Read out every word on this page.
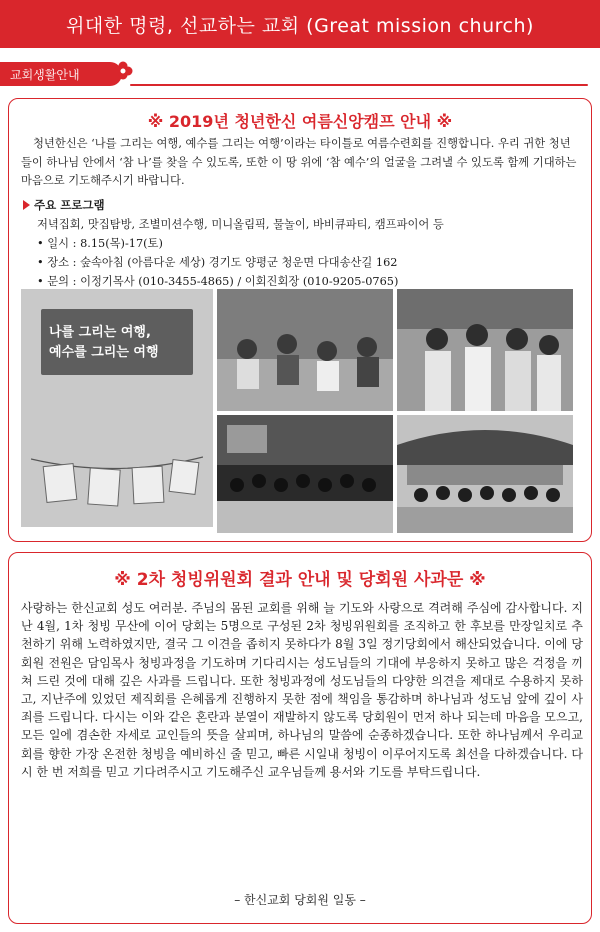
위대한 명령, 선교하는 교회 (Great mission church)
교회생활안내
※ 2019년 청년한신 여름신앙캠프 안내 ※
청년한신은 ‘나를 그리는 여행, 예수를 그리는 여행’이라는 타이틀로 여름수련회를 진행합니다. 우리 귀한 청년들이 하나님 안에서 ‘참 나’를 찾을 수 있도록, 또한 이 땅 위에 ‘참 예수’의 얼굴을 그려낼 수 있도록 함께 기대하는 마음으로 기도해주시기 바랍니다.
주요 프로그램
저녁집회, 맛집탐방, 조별미션수행, 미니올림픽, 물놀이, 바비큐파티, 캠프파이어 등
• 일시 : 8.15(목)-17(토)
• 장소 : 숲속아침 (아름다운 세상) 경기도 양평군 청운면 다대송산길 162
• 문의 : 이정기목사 (010-3455-4865) / 이회진회장 (010-9205-0765)
나를 그리는 여행,
예수를 그리는 여행
※ 2차 청빙위원회 결과 안내 및 당회원 사과문 ※
사랑하는 한신교회 성도 여러분. 주님의 몸된 교회를 위해 늘 기도와 사랑으로 격려해 주심에 감사합니다. 지난 4월, 1차 청빙 무산에 이어 당회는 5명으로 구성된 2차 청빙위원회를 조직하고 한 후보를 만장일치로 추천하기 위해 노력하였지만, 결국 그 이견을 좁히지 못하다가 8월 3일 정기당회에서 해산되었습니다. 이에 당회원 전원은 담임목사 청빙과정을 기도하며 기다리시는 성도님들의 기대에 부응하지 못하고 많은 걱정을 끼쳐 드린 것에 대해 깊은 사과를 드립니다. 또한 청빙과정에 성도님들의 다양한 의견을 제대로 수용하지 못하고, 지난주에 있었던 제직회를 은혜롭게 진행하지 못한 점에 책임을 통감하며 하나님과 성도님 앞에 깊이 사죄를 드립니다. 다시는 이와 같은 혼란과 분열이 재발하지 않도록 당회원이 먼저 하나 되는데 마음을 모으고, 모든 일에 겸손한 자세로 교인들의 뜻을 살피며, 하나님의 말씀에 순종하겠습니다. 또한 하나님께서 우리교회를 향한 가장 온전한 청빙을 예비하신 줄 믿고, 빠른 시일내 청빙이 이루어지도록 최선을 다하겠습니다. 다시 한 번 저희를 믿고 기다려주시고 기도해주신 교우님들께 용서와 기도를 부탁드립니다.
– 한신교회 당회원 일동 –
